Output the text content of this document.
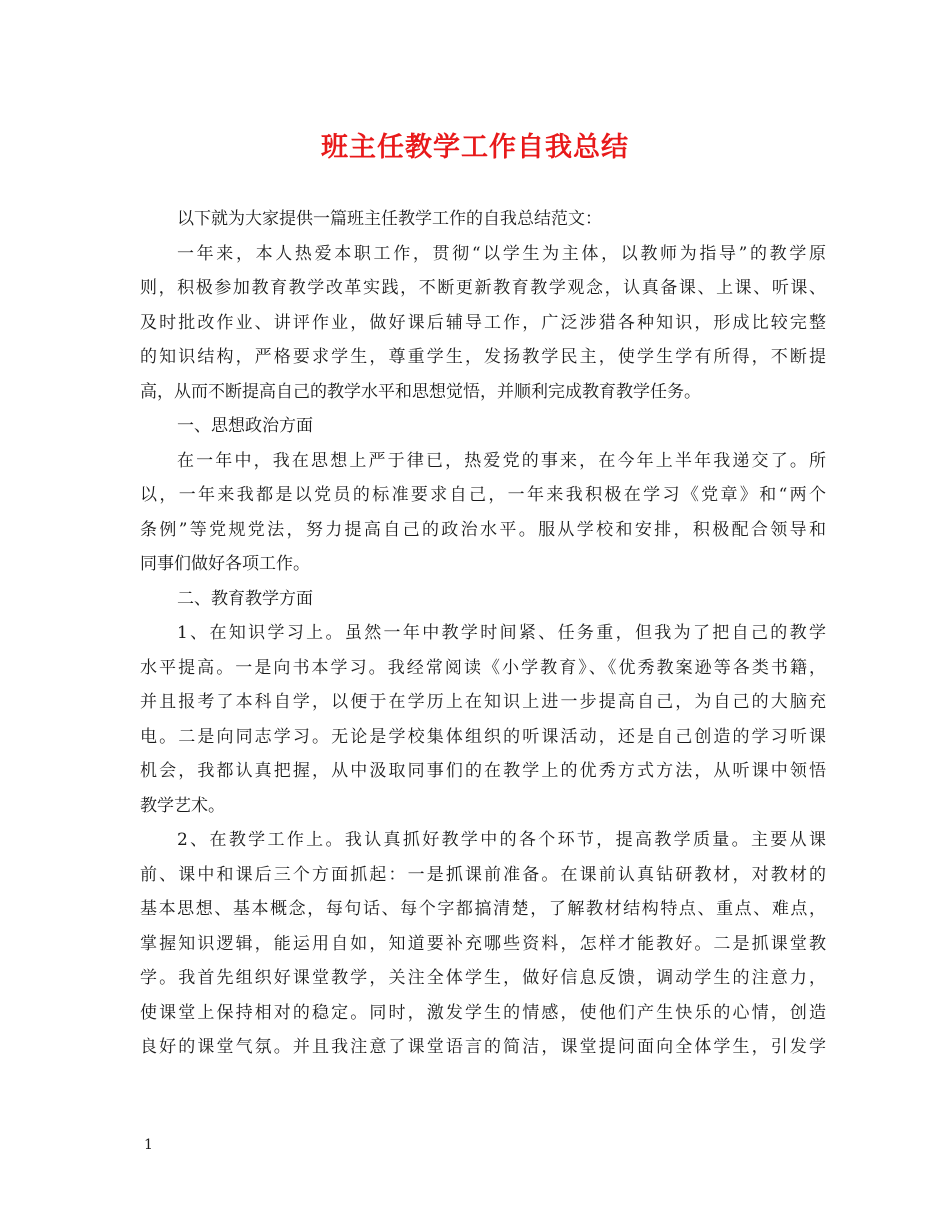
班主任教学工作自我总结
以下就为大家提供一篇班主任教学工作的自我总结范文：
一年来，本人热爱本职工作，贯彻“以学生为主体，以教师为指导”的教学原
则，积极参加教育教学改革实践，不断更新教育教学观念，认真备课、上课、听课、
及时批改作业、讲评作业，做好课后辅导工作，广泛涉猎各种知识，形成比较完整
的知识结构，严格要求学生，尊重学生，发扬教学民主，使学生学有所得，不断提
高，从而不断提高自己的教学水平和思想觉悟，并顺利完成教育教学任务。
一、思想政治方面
在一年中，我在思想上严于律已，热爱党的事来，在今年上半年我递交了。所
以，一年来我都是以党员的标准要求自己，一年来我积极在学习《党章》和“两个
条例”等党规党法，努力提高自己的政治水平。服从学校和安排，积极配合领导和
同事们做好各项工作。
二、教育教学方面
1、在知识学习上。虽然一年中教学时间紧、任务重，但我为了把自己的教学
水平提高。一是向书本学习。我经常阅读《小学教育》、《优秀教案逊等各类书籍，
并且报考了本科自学，以便于在学历上在知识上进一步提高自己，为自己的大脑充
电。二是向同志学习。无论是学校集体组织的听课活动，还是自己创造的学习听课
机会，我都认真把握，从中汲取同事们的在教学上的优秀方式方法，从听课中领悟
教学艺术。
2、在教学工作上。我认真抓好教学中的各个环节，提高教学质量。主要从课
前、课中和课后三个方面抓起：一是抓课前准备。在课前认真钻研教材，对教材的
基本思想、基本概念，每句话、每个字都搞清楚，了解教材结构特点、重点、难点，
掌握知识逻辑，能运用自如，知道要补充哪些资料，怎样才能教好。二是抓课堂教
学。我首先组织好课堂教学，关注全体学生，做好信息反馈，调动学生的注意力，
使课堂上保持相对的稳定。同时，激发学生的情感，使他们产生快乐的心情，创造
良好的课堂气氛。并且我注意了课堂语言的简洁，课堂提问面向全体学生，引发学
1
